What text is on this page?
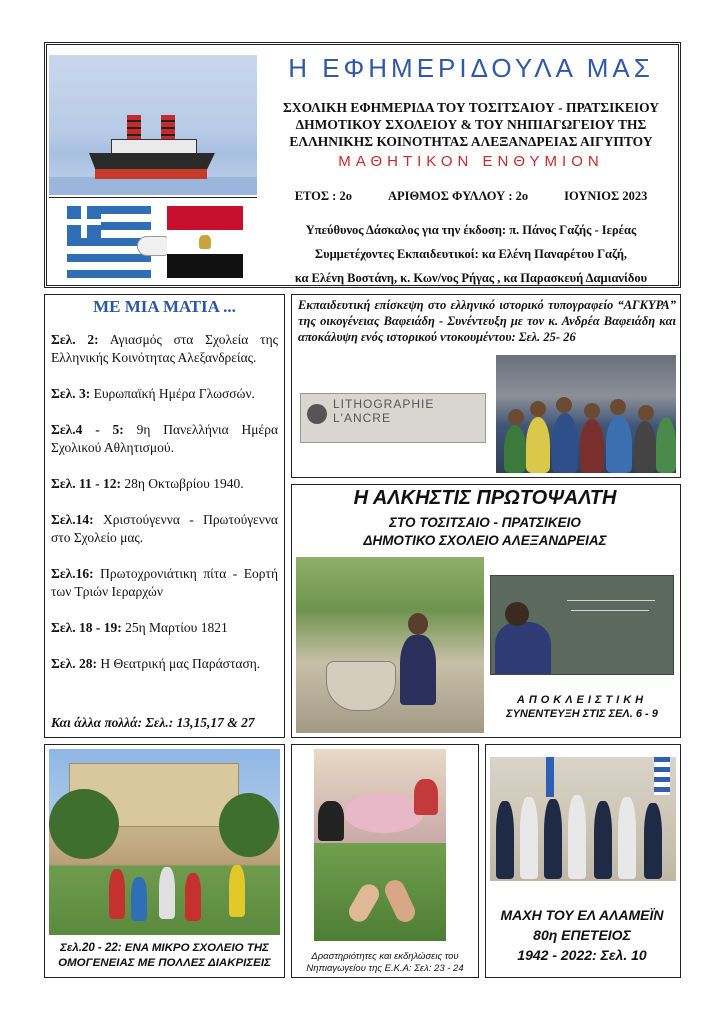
Η ΕΦΗΜΕΡΙΔΟΥΛΑ ΜΑΣ
ΣΧΟΛΙΚΗ ΕΦΗΜΕΡΙΔΑ ΤΟΥ ΤΟΣΙΤΣΑΙΟΥ - ΠΡΑΤΣΙΚΕΙΟΥ
ΔΗΜΟΤΙΚΟΥ ΣΧΟΛΕΙΟΥ & ΤΟΥ ΝΗΠΙΑΓΩΓΕΙΟΥ ΤΗΣ
ΕΛΛΗΝΙΚΗΣ ΚΟΙΝΟΤΗΤΑΣ ΑΛΕΞΑΝΔΡΕΙΑΣ ΑΙΓΥΠΤΟΥ
ΜΑΘΗΤΙΚΟΝ ΕΝΘΥΜΙΟΝ
ΕΤΟΣ : 2ο	ΑΡΙΘΜΟΣ ΦΥΛΛΟΥ : 2ο	ΙΟΥΝΙΟΣ 2023
Υπεύθυνος Δάσκαλος για την έκδοση: π. Πάνος Γαζής - Ιερέας
Συμμετέχοντες Εκπαιδευτικοί: κα Ελένη Παναρέτου Γαζή,
κα Ελένη Βοστάνη, κ. Κων/νος Ρήγας , κα Παρασκευή Δαμιανίδου
ΜΕ ΜΙΑ ΜΑΤΙΑ ...
Σελ. 2: Αγιασμός στα Σχολεία της Ελληνικής Κοινότητας Αλεξανδρείας.
Σελ. 3: Ευρωπαϊκή Ημέρα Γλωσσών.
Σελ.4 - 5: 9η Πανελλήνια Ημέρα Σχολικού Αθλητισμού.
Σελ. 11 - 12: 28η Οκτωβρίου 1940.
Σελ.14: Χριστούγεννα - Πρωτούγεννα στο Σχολείο μας.
Σελ.16: Πρωτοχρονιάτικη πίτα - Εορτή των Τριών Ιεραρχών
Σελ. 18 - 19: 25η Μαρτίου 1821
Σελ. 28: Η Θεατρική μας Παράσταση.
Και άλλα πολλά: Σελ.: 13,15,17 & 27
Εκπαιδευτική επίσκεψη στο ελληνικό ιστορικό τυπογραφείο “ΑΓΚΥΡΑ” της οικογένειας Βαφειάδη - Συνέντευξη με τον κ. Ανδρέα Βαφειάδη και αποκάλυψη ενός ιστορικού ντοκουμέντου: Σελ. 25- 26
LITHOGRAPHIE
L'ANCRE
Η ΑΛΚΗΣΤΙΣ ΠΡΩΤΟΨΑΛΤΗ
ΣΤΟ ΤΟΣΙΤΣΑΙΟ - ΠΡΑΤΣΙΚΕΙΟ
ΔΗΜΟΤΙΚΟ ΣΧΟΛΕΙΟ ΑΛΕΞΑΝΔΡΕΙΑΣ
ΑΠΟΚΛΕΙΣΤΙΚΗ
ΣΥΝΕΝΤΕΥΞΗ ΣΤΙΣ ΣΕΛ. 6 - 9
Σελ.20 - 22: ΕΝΑ ΜΙΚΡΟ ΣΧΟΛΕΙΟ ΤΗΣ ΟΜΟΓΕΝΕΙΑΣ ΜΕ ΠΟΛΛΕΣ ΔΙΑΚΡΙΣΕΙΣ
Δραστηριότητες και εκδηλώσεις του Νηπιαγωγείου της Ε.Κ.Α: Σελ: 23 - 24
ΜΑΧΗ ΤΟΥ ΕΛ ΑΛΑΜΕΪΝ
80η ΕΠΕΤΕΙΟΣ
1942 - 2022: Σελ. 10
